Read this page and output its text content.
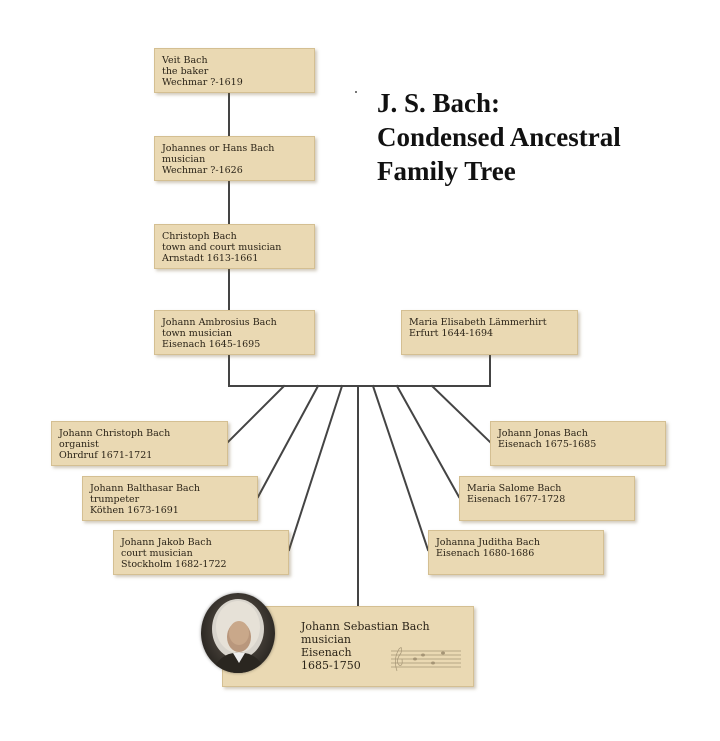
J. S. Bach:
Condensed Ancestral
Family Tree
Veit Bach
the baker
Wechmar ?-1619
Johannes or Hans Bach
musician
Wechmar ?-1626
Christoph Bach
town and court musician
Arnstadt 1613-1661
Johann Ambrosius Bach
town musician
Eisenach 1645-1695
Maria Elisabeth Lämmerhirt
Erfurt 1644-1694
Johann Christoph Bach
organist
Ohrdruf 1671-1721
Johann Balthasar Bach
trumpeter
Köthen 1673-1691
Johann Jakob Bach
court musician
Stockholm 1682-1722
Johann Jonas Bach
Eisenach 1675-1685
Maria Salome Bach
Eisenach 1677-1728
Johanna Juditha Bach
Eisenach 1680-1686
Johann Sebastian Bach
musician
Eisenach
1685-1750
